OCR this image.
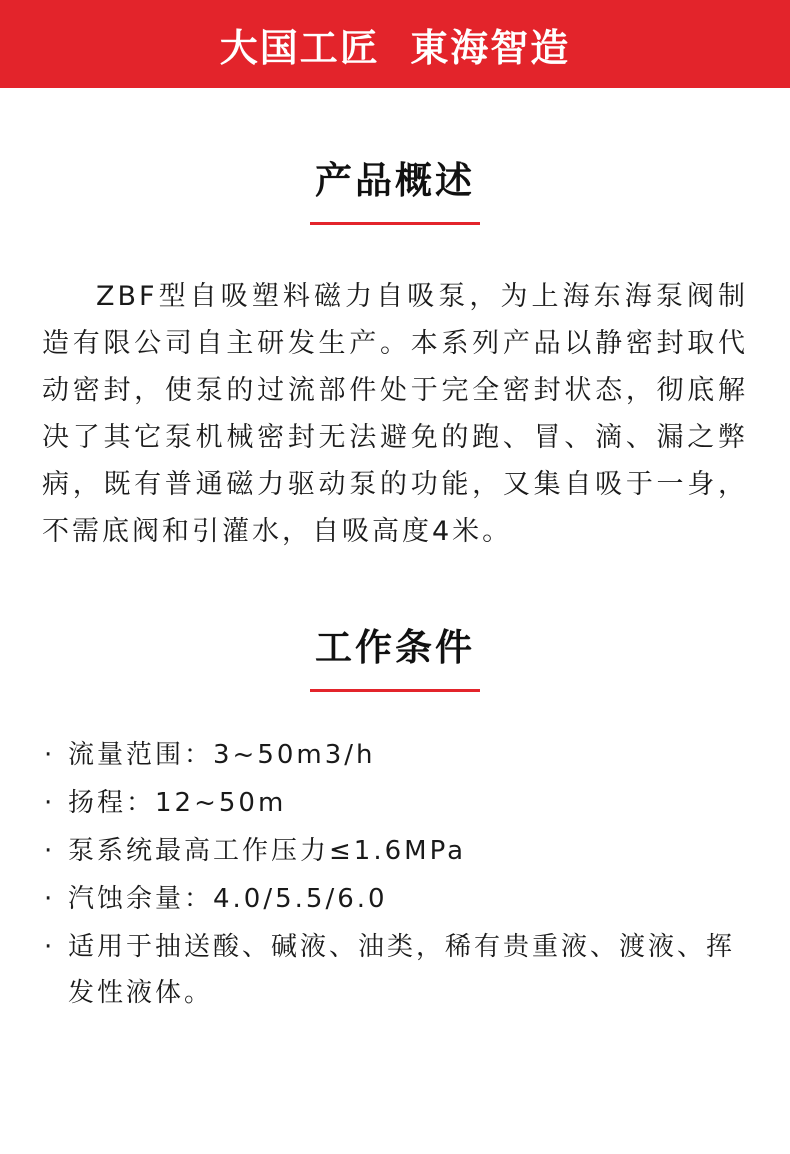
大国工匠  東海智造
产品概述

ZBF型自吸塑料磁力自吸泵，为上海东海泵阀制造有限公司自主研发生产。本系列产品以静密封取代动密封，使泵的过流部件处于完全密封状态，彻底解决了其它泵机械密封无法避免的跑、冒、滴、漏之弊病，既有普通磁力驱动泵的功能，又集自吸于一身，不需底阀和引灌水，自吸高度4米。

工作条件
· 流量范围：3~50m3/h
· 扬程：12~50m
· 泵系统最高工作压力≤1.6MPa
· 汽蚀余量：4.0/5.5/6.0
· 适用于抽送酸、碱液、油类，稀有贵重液、渡液、挥发性液体。
